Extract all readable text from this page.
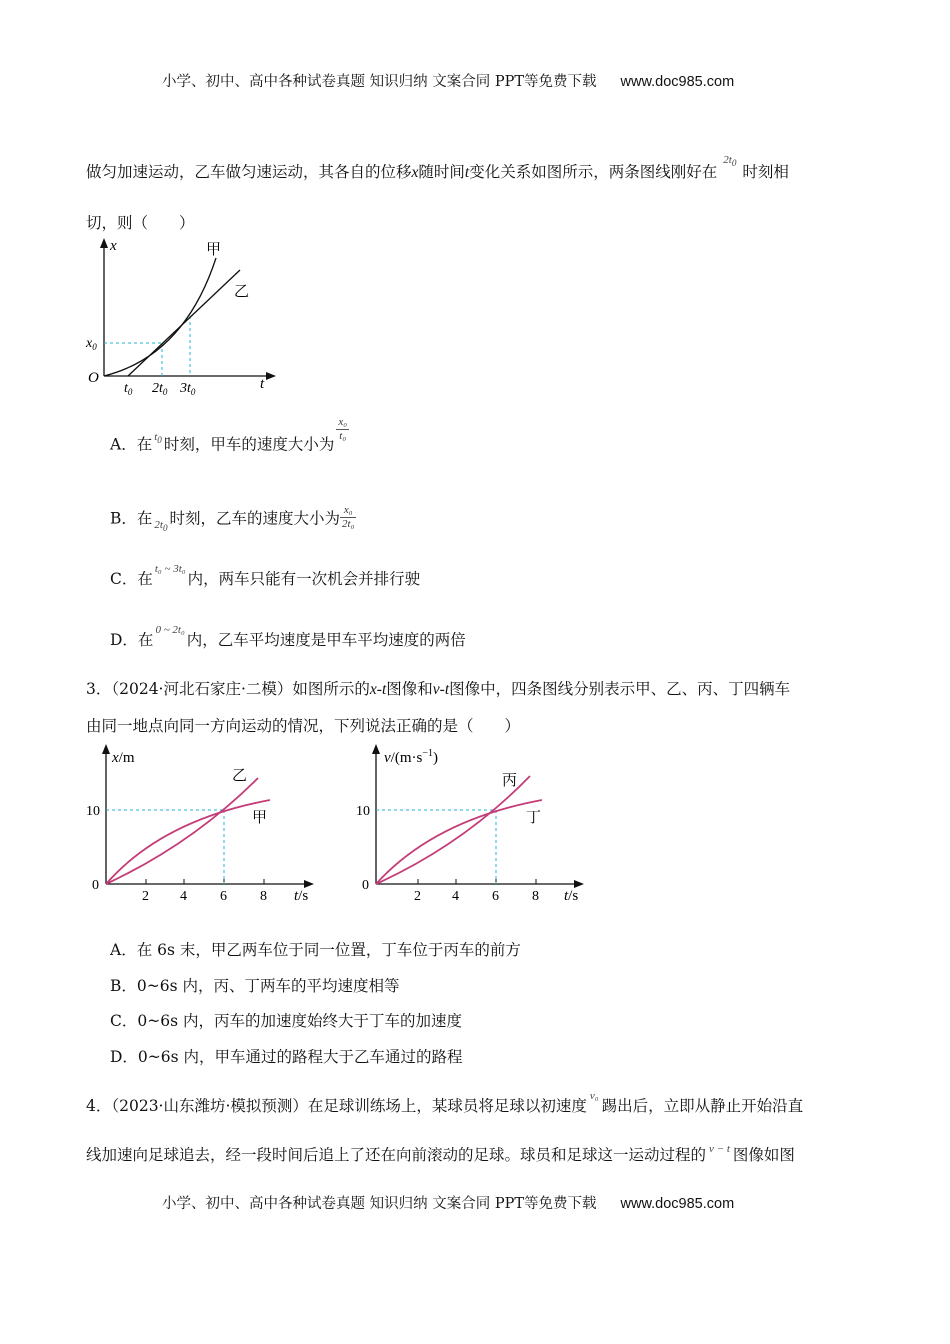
小学、初中、高中各种试卷真题 知识归纳 文案合同 PPT等免费下载 www.doc985.com
做匀加速运动，乙车做匀速运动，其各自的位移x随时间t变化关系如图所示，两条图线刚好在$^{2t_0}$ 时刻相
切，则（　　）
x
t
O
$x_0$
$t_0$ $2t_0$ $3t_0$
甲
乙
A．在 $^{t_0}$ 时刻，甲车的速度大小为
$\frac{\text{x₀}}{\text{t₀}}$
B．在 $_{2t_0}$时刻，乙车的速度大小为 $\frac{\text{x₀}}{\text{2t₀}}$
C．在$^{t_0 \sim 3t_0}$内，两车只能有一次机会并排行驶
D．在$^{0 \sim 2t_0}$内，乙车平均速度是甲车平均速度的两倍
3．（2024·河北石家庄·二模）如图所示的x-t图像和v-t图像中，四条图线分别表示甲、乙、丙、丁四辆车
由同一地点向同一方向运动的情况，下列说法正确的是（　　）
x/m
10
0
2 4 6 8 t/s
乙
甲
$v/(m\cdot s^{-1})$
10
0
2 4 6 8 t/s
丙
丁
A．在 6s 末，甲乙两车位于同一位置，丁车位于丙车的前方
B．0~6s 内，丙、丁两车的平均速度相等
C．0~6s 内，丙车的加速度始终大于丁车的加速度
D．0~6s 内，甲车通过的路程大于乙车通过的路程
4．（2023·山东潍坊·模拟预测）在足球训练场上，某球员将足球以初速度$^{v_0}$踢出后，立即从静止开始沿直
线加速向足球追去，经一段时间后追上了还在向前滚动的足球。球员和足球这一运动过程的 $^{v - t}$ 图像如图
小学、初中、高中各种试卷真题 知识归纳 文案合同 PPT等免费下载 www.doc985.com
